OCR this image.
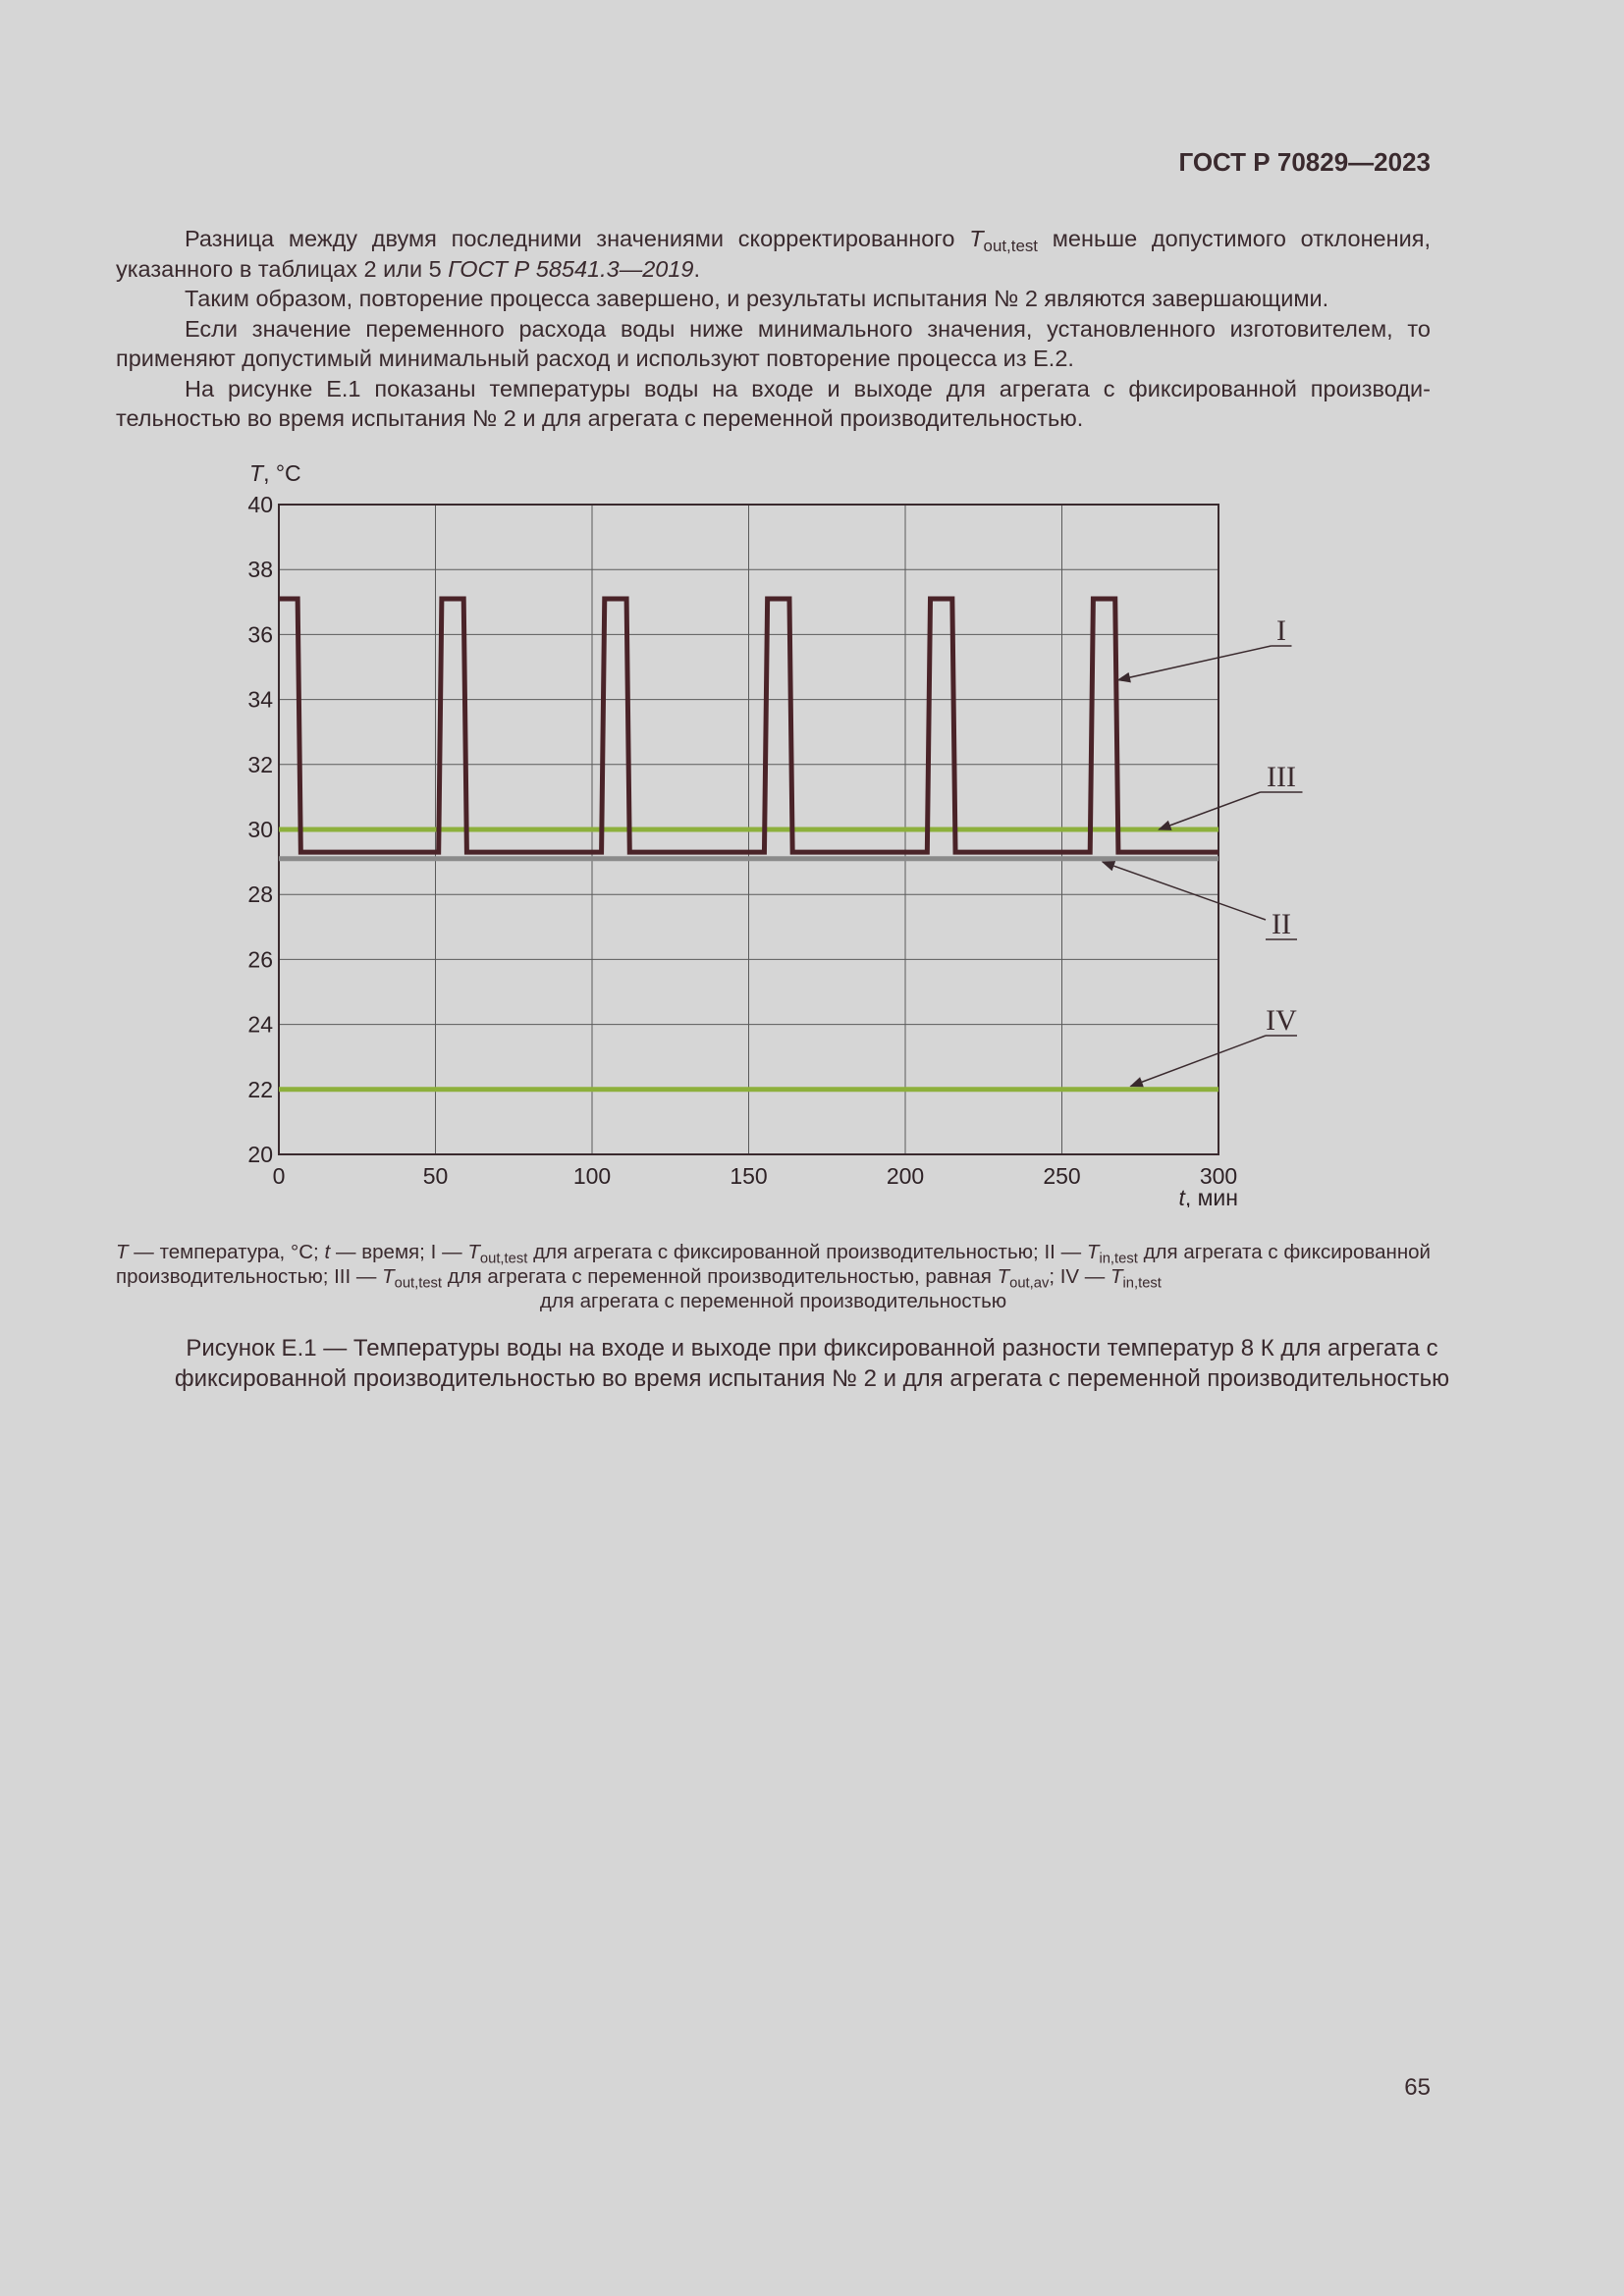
ГОСТ Р 70829—2023

Разница между двумя последними значениями скорректированного $T_{out,test}$ меньше допустимого отклонения, указанного в таблицах 2 или 5 ГОСТ Р 58541.3—2019.

Таким образом, повторение процесса завершено, и результаты испытания № 2 являются завершающими.

Если значение переменного расхода воды ниже минимального значения, установленного изготовителем, то применяют допустимый минимальный расход и используют повторение процесса из Е.2.

На рисунке Е.1 показаны температуры воды на входе и выходе для агрегата с фиксированной производи-тельностью во время испытания № 2 и для агрегата с переменной производительностью.

20
22
24
26
28
30
32
34
36
38
40
0	50	100	150	200	250	300
T, °C
t, мин
I
III
II
IV
T — температура, °С; t — время; I — $T_{out,test}$ для агрегата с фиксированной производительностью; II — $T_{in,test}$ для агрегата с фиксированной производительностью; III — $T_{out,test}$ для агрегата с переменной производительностью, равная $T_{out,av}$; IV — $T_{in,test}$
для агрегата с переменной производительностью
Рисунок Е.1 — Температуры воды на входе и выходе при фиксированной разности температур 8 К для агрегата с фиксированной производительностью во время испытания № 2 и для агрегата с переменной производительностью
65
